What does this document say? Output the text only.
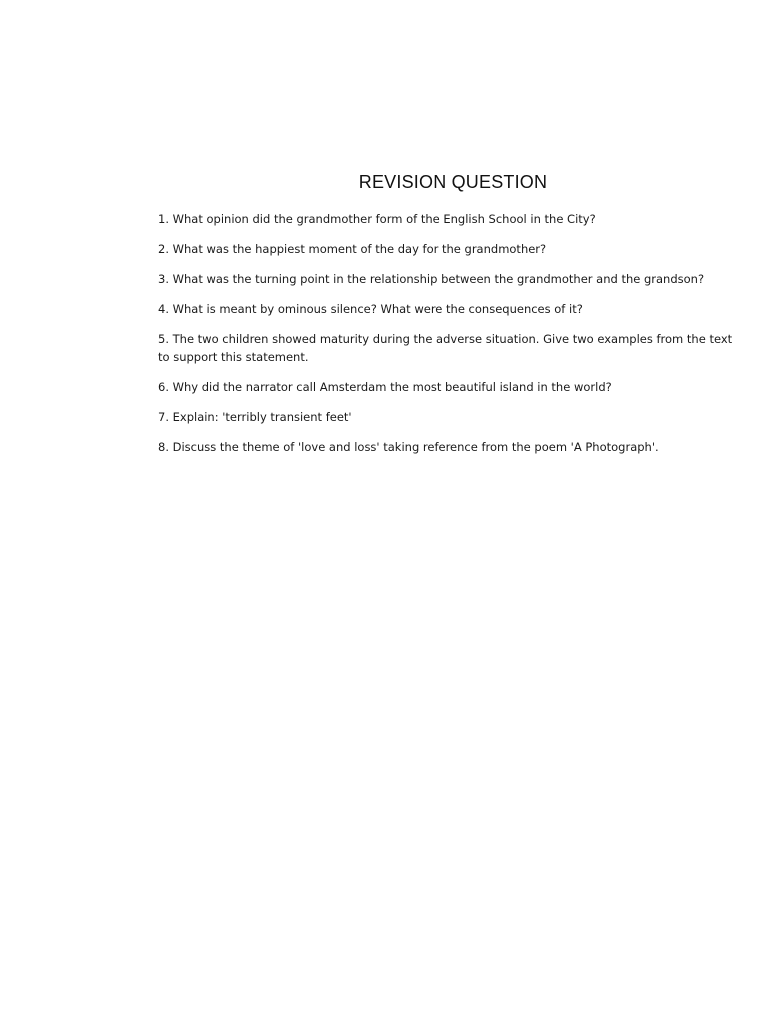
REVISION QUESTION

1. What opinion did the grandmother form of the English School in the City?

2. What was the happiest moment of the day for the grandmother?

3. What was the turning point in the relationship between the grandmother and the grandson?

4. What is meant by ominous silence? What were the consequences of it?

5. The two children showed maturity during the adverse situation. Give two examples from the text to support this statement.

6. Why did the narrator call Amsterdam the most beautiful island in the world?

7. Explain: 'terribly transient feet'

8. Discuss the theme of 'love and loss' taking reference from the poem 'A Photograph'.
